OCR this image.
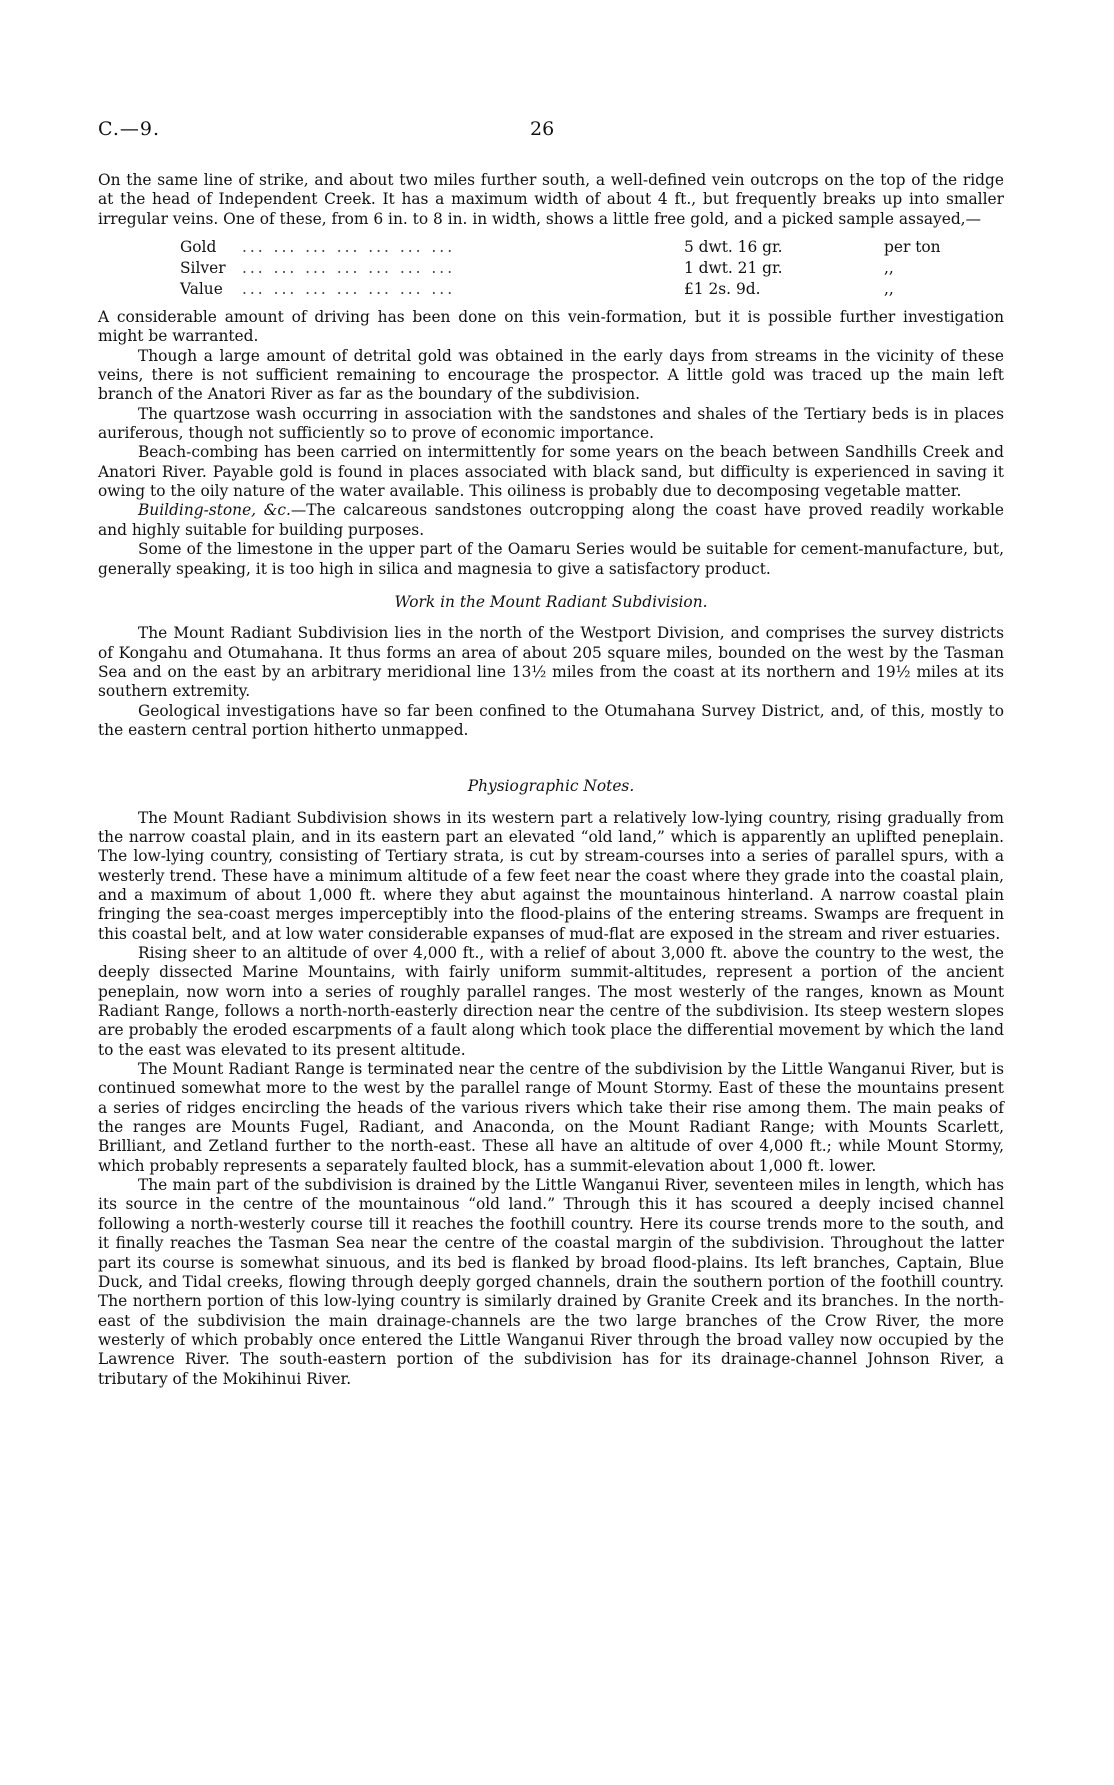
C.—9.	26

On the same line of strike, and about two miles further south, a well-defined vein outcrops on the top of the ridge at the head of Independent Creek. It has a maximum width of about 4 ft., but frequently breaks up into smaller irregular veins. One of these, from 6 in. to 8 in. in width, shows a little free gold, and a picked sample assayed,—

Gold	... ... ... ... ... ... ...	5 dwt. 16 gr.	per ton
Silver	... ... ... ... ... ... ...	1 dwt. 21 gr.	,,
Value	... ... ... ... ... ... ...	£1 2s. 9d.	,,

A considerable amount of driving has been done on this vein-formation, but it is possible further investigation might be warranted.

Though a large amount of detrital gold was obtained in the early days from streams in the vicinity of these veins, there is not sufficient remaining to encourage the prospector. A little gold was traced up the main left branch of the Anatori River as far as the boundary of the subdivision.

The quartzose wash occurring in association with the sandstones and shales of the Tertiary beds is in places auriferous, though not sufficiently so to prove of economic importance.

Beach-combing has been carried on intermittently for some years on the beach between Sandhills Creek and Anatori River. Payable gold is found in places associated with black sand, but difficulty is experienced in saving it owing to the oily nature of the water available. This oiliness is probably due to decomposing vegetable matter.

Building-stone, &c.—The calcareous sandstones outcropping along the coast have proved readily workable and highly suitable for building purposes.

Some of the limestone in the upper part of the Oamaru Series would be suitable for cement-manufacture, but, generally speaking, it is too high in silica and magnesia to give a satisfactory product.

Work in the Mount Radiant Subdivision.

The Mount Radiant Subdivision lies in the north of the Westport Division, and comprises the survey districts of Kongahu and Otumahana. It thus forms an area of about 205 square miles, bounded on the west by the Tasman Sea and on the east by an arbitrary meridional line 13½ miles from the coast at its northern and 19½ miles at its southern extremity.

Geological investigations have so far been confined to the Otumahana Survey District, and, of this, mostly to the eastern central portion hitherto unmapped.

Physiographic Notes.

The Mount Radiant Subdivision shows in its western part a relatively low-lying country, rising gradually from the narrow coastal plain, and in its eastern part an elevated “old land,” which is apparently an uplifted peneplain. The low-lying country, consisting of Tertiary strata, is cut by stream-courses into a series of parallel spurs, with a westerly trend. These have a minimum altitude of a few feet near the coast where they grade into the coastal plain, and a maximum of about 1,000 ft. where they abut against the mountainous hinterland. A narrow coastal plain fringing the sea-coast merges imperceptibly into the flood-plains of the entering streams. Swamps are frequent in this coastal belt, and at low water considerable expanses of mud-flat are exposed in the stream and river estuaries.

Rising sheer to an altitude of over 4,000 ft., with a relief of about 3,000 ft. above the country to the west, the deeply dissected Marine Mountains, with fairly uniform summit-altitudes, represent a portion of the ancient peneplain, now worn into a series of roughly parallel ranges. The most westerly of the ranges, known as Mount Radiant Range, follows a north-north-easterly direction near the centre of the subdivision. Its steep western slopes are probably the eroded escarpments of a fault along which took place the differential movement by which the land to the east was elevated to its present altitude.

The Mount Radiant Range is terminated near the centre of the subdivision by the Little Wanganui River, but is continued somewhat more to the west by the parallel range of Mount Stormy. East of these the mountains present a series of ridges encircling the heads of the various rivers which take their rise among them. The main peaks of the ranges are Mounts Fugel, Radiant, and Anaconda, on the Mount Radiant Range; with Mounts Scarlett, Brilliant, and Zetland further to the north-east. These all have an altitude of over 4,000 ft.; while Mount Stormy, which probably represents a separately faulted block, has a summit-elevation about 1,000 ft. lower.

The main part of the subdivision is drained by the Little Wanganui River, seventeen miles in length, which has its source in the centre of the mountainous “old land.” Through this it has scoured a deeply incised channel following a north-westerly course till it reaches the foothill country. Here its course trends more to the south, and it finally reaches the Tasman Sea near the centre of the coastal margin of the subdivision. Throughout the latter part its course is somewhat sinuous, and its bed is flanked by broad flood-plains. Its left branches, Captain, Blue Duck, and Tidal creeks, flowing through deeply gorged channels, drain the southern portion of the foothill country. The northern portion of this low-lying country is similarly drained by Granite Creek and its branches. In the north-east of the subdivision the main drainage-channels are the two large branches of the Crow River, the more westerly of which probably once entered the Little Wanganui River through the broad valley now occupied by the Lawrence River. The south-eastern portion of the subdivision has for its drainage-channel Johnson River, a tributary of the Mokihinui River.
